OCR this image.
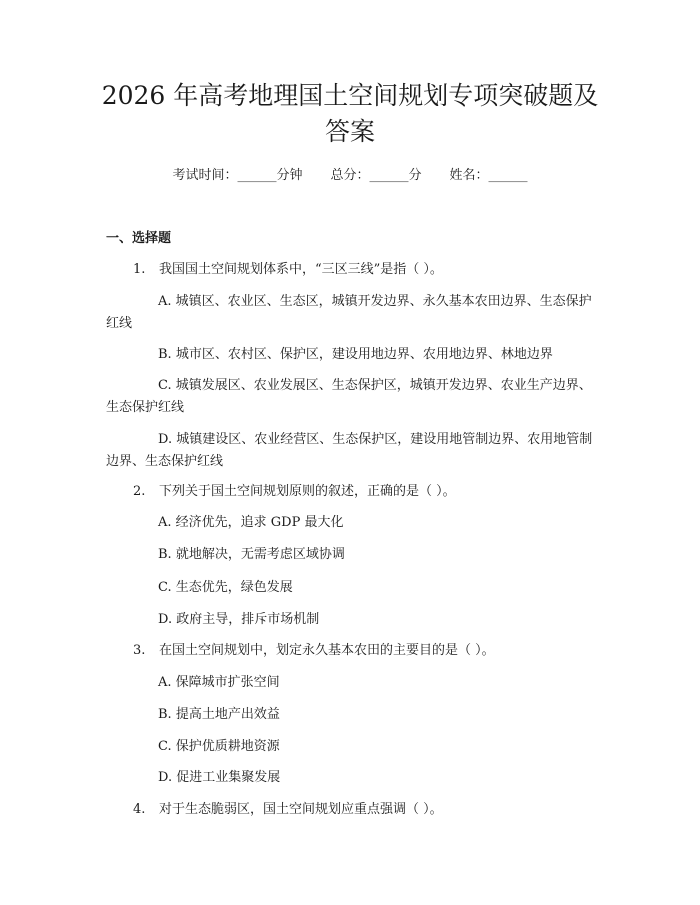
2026 年高考地理国土空间规划专项突破题及答案
考试时间：______分钟 总分：______分 姓名：______
一、选择题
1. 我国国土空间规划体系中，“三区三线”是指（ ）。
A. 城镇区、农业区、生态区，城镇开发边界、永久基本农田边界、生态保护红线
B. 城市区、农村区、保护区，建设用地边界、农用地边界、林地边界
C. 城镇发展区、农业发展区、生态保护区，城镇开发边界、农业生产边界、生态保护红线
D. 城镇建设区、农业经营区、生态保护区，建设用地管制边界、农用地管制边界、生态保护红线
2. 下列关于国土空间规划原则的叙述，正确的是（ ）。
A. 经济优先，追求 GDP 最大化
B. 就地解决，无需考虑区域协调
C. 生态优先，绿色发展
D. 政府主导，排斥市场机制
3. 在国土空间规划中，划定永久基本农田的主要目的是（ ）。
A. 保障城市扩张空间
B. 提高土地产出效益
C. 保护优质耕地资源
D. 促进工业集聚发展
4. 对于生态脆弱区，国土空间规划应重点强调（ ）。
